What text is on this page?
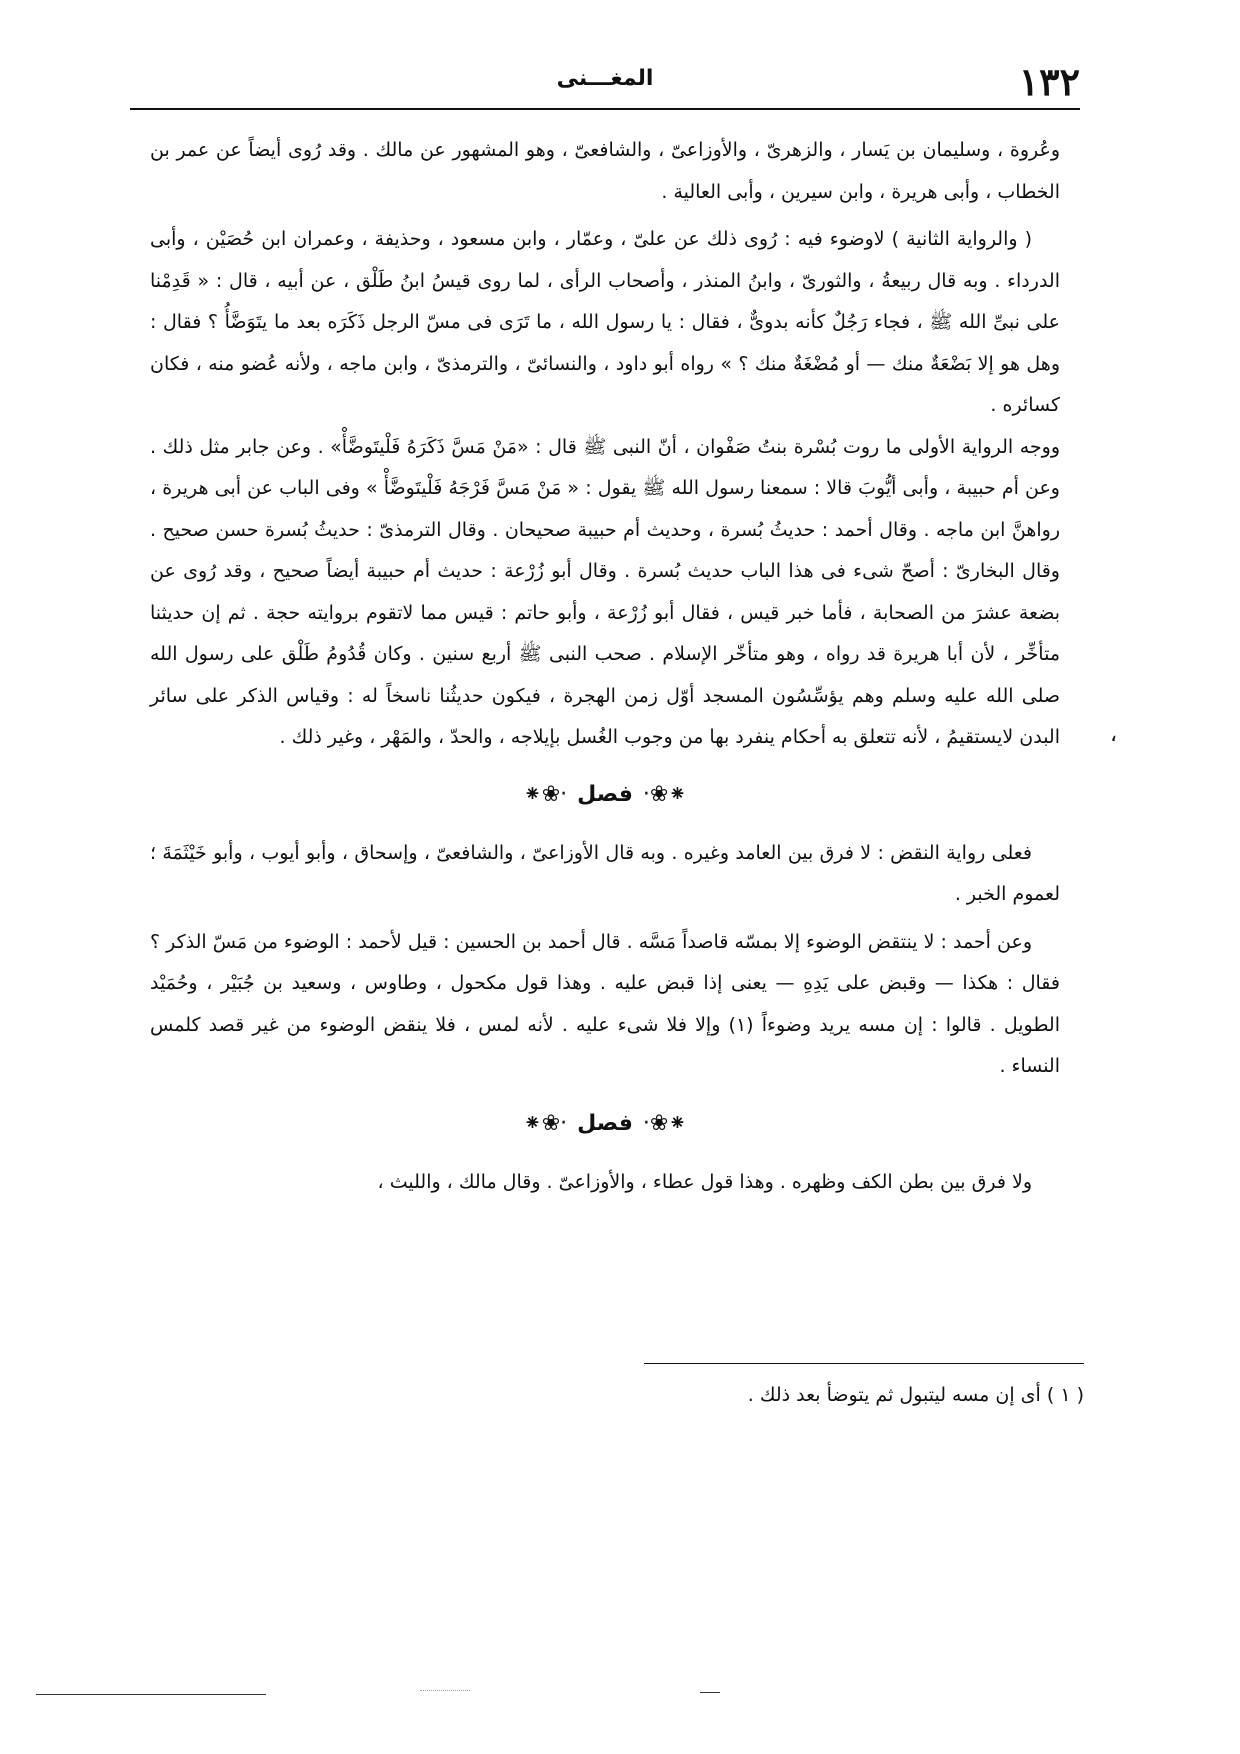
١٣٢
المغـــنى
،

وعُروة ، وسليمان بن يَسار ، والزهرىّ ، والأوزاعىّ ، والشافعىّ ، وهو المشهور عن مالك . وقد رُوى أيضاً عن عمر بن الخطاب ، وأبى هريرة ، وابن سيرين ، وأبى العالية .

( والرواية الثانية ) لاوضوء فيه : رُوى ذلك عن علىّ ، وعمّار ، وابن مسعود ، وحذيفة ، وعمران ابن حُصَيْن ، وأبى الدرداء . وبه قال ربيعةُ ، والثورىّ ، وابنُ المنذر ، وأصحاب الرأى ، لما روى قيسُ ابنُ طَلْق ، عن أبيه ، قال : « قَدِمْنا على نبىِّ الله ﷺ ، فجاء رَجُلٌ كأنه بدوىٌّ ، فقال : يا رسول الله ، ما تَرَى فى مسّ الرجل ذَكَرَه بعد ما يتَوَضَّأُ ؟ فقال : وهل هو إلا بَضْعَةٌ منك — أو مُضْغَةٌ منك ؟ » رواه أبو داود ، والنسائىّ ، والترمذىّ ، وابن ماجه ، ولأنه عُضو منه ، فكان كسائره .

ووجه الرواية الأولى ما روت بُسْرة بنتُ صَفْوان ، أنّ النبى ﷺ قال : «مَنْ مَسَّ ذَكَرَهُ فَلْيتَوضَّأْ» . وعن جابر مثل ذلك . وعن أم حبيبة ، وأبى أيُّوبَ قالا : سمعنا رسول الله ﷺ يقول : « مَنْ مَسَّ فَرْجَهُ فَلْيتَوضَّأْ » وفى الباب عن أبى هريرة ، رواهنَّ ابن ماجه . وقال أحمد : حديثُ بُسرة ، وحديث أم حبيبة صحيحان . وقال الترمذىّ : حديثُ بُسرة حسن صحيح . وقال البخارىّ : أصحّ شىء فى هذا الباب حديث بُسرة . وقال أبو زُرْعة : حديث أم حبيبة أيضاً صحيح ، وقد رُوى عن بضعة عشرَ من الصحابة ، فأما خبر قيس ، فقال أبو زُرْعة ، وأبو حاتم : قيس مما لاتقوم بروايته حجة . ثم إن حديثنا متأخِّر ، لأن أبا هريرة قد رواه ، وهو متأخّر الإسلام . صحب النبى ﷺ أربع سنين . وكان قُدُومُ طَلْق على رسول الله صلى الله عليه وسلم وهم يؤسِّسُون المسجد أوّل زمن الهجرة ، فيكون حديثُنا ناسخاً له : وقياس الذكر على سائر البدن لايستقيمُ ، لأنه تتعلق به أحكام ينفرد بها من وجوب الغُسل بإيلاجه ، والحدّ ، والمَهْر ، وغير ذلك .

⁕❀·
فصل
·❀⁕

فعلى رواية النقض : لا فرق بين العامد وغيره . وبه قال الأوزاعىّ ، والشافعىّ ، وإسحاق ، وأبو أيوب ، وأبو خَيْثَمَةَ ؛ لعموم الخبر .

وعن أحمد : لا ينتقض الوضوء إلا بمسّه قاصداً مَسَّه . قال أحمد بن الحسين : قيل لأحمد : الوضوء من مَسّ الذكر ؟ فقال : هكذا — وقبض على يَدِهِ — يعنى إذا قبض عليه . وهذا قول مكحول ، وطاوس ، وسعيد بن جُبَيْر ، وحُمَيْد الطويل . قالوا : إن مسه يريد وضوءاً (١) وإلا فلا شىء عليه . لأنه لمس ، فلا ينقض الوضوء من غير قصد كلمس النساء .

⁕❀·
فصل
·❀⁕

ولا فرق بين بطن الكف وظهره . وهذا قول عطاء ، والأوزاعىّ . وقال مالك ، والليث ،

( ١ ) أى إن مسه ليتبول ثم يتوضأ بعد ذلك .
